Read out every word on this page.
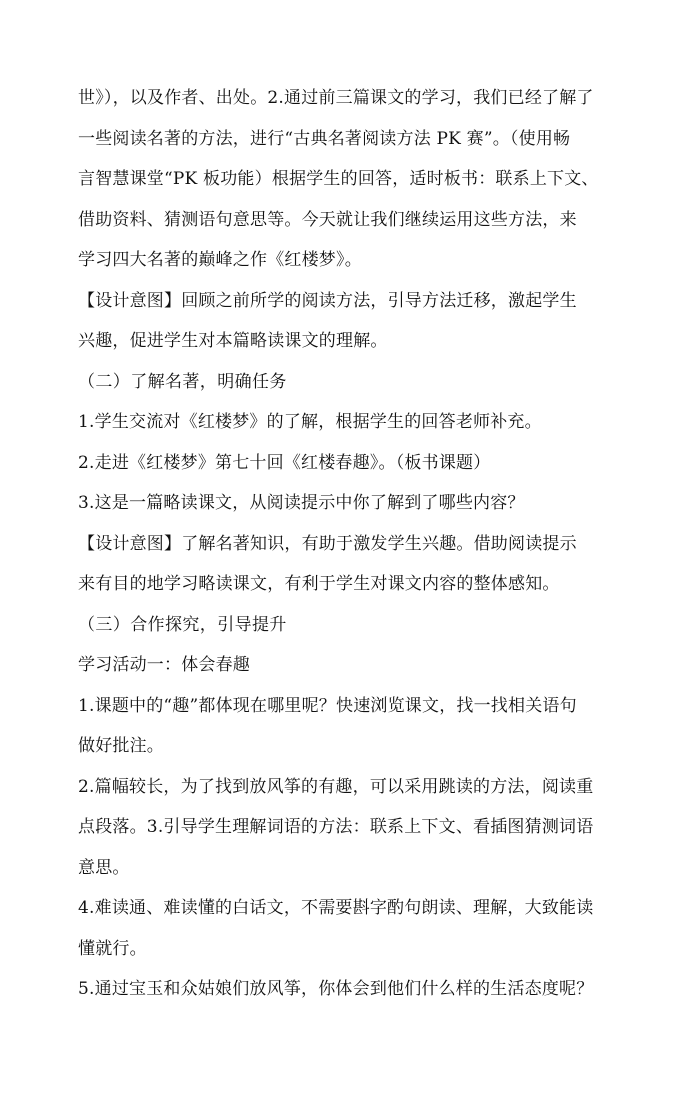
世》），以及作者、出处。2.通过前三篇课文的学习，我们已经了解了
一些阅读名著的方法，进行“古典名著阅读方法 PK 赛”。（使用畅
言智慧课堂“PK 板功能）根据学生的回答，适时板书：联系上下文、
借助资料、猜测语句意思等。今天就让我们继续运用这些方法，来
学习四大名著的巅峰之作《红楼梦》。
【设计意图】回顾之前所学的阅读方法，引导方法迁移，激起学生
兴趣，促进学生对本篇略读课文的理解。
（二）了解名著，明确任务
1.学生交流对《红楼梦》的了解，根据学生的回答老师补充。
2.走进《红楼梦》第七十回《红楼春趣》。（板书课题）
3.这是一篇略读课文，从阅读提示中你了解到了哪些内容？
【设计意图】了解名著知识，有助于激发学生兴趣。借助阅读提示
来有目的地学习略读课文，有利于学生对课文内容的整体感知。
（三）合作探究，引导提升
学习活动一：体会春趣
1.课题中的“趣”都体现在哪里呢？快速浏览课文，找一找相关语句
做好批注。
2.篇幅较长，为了找到放风筝的有趣，可以采用跳读的方法，阅读重
点段落。3.引导学生理解词语的方法：联系上下文、看插图猜测词语
意思。
4.难读通、难读懂的白话文，不需要斟字酌句朗读、理解，大致能读
懂就行。
5.通过宝玉和众姑娘们放风筝，你体会到他们什么样的生活态度呢？
